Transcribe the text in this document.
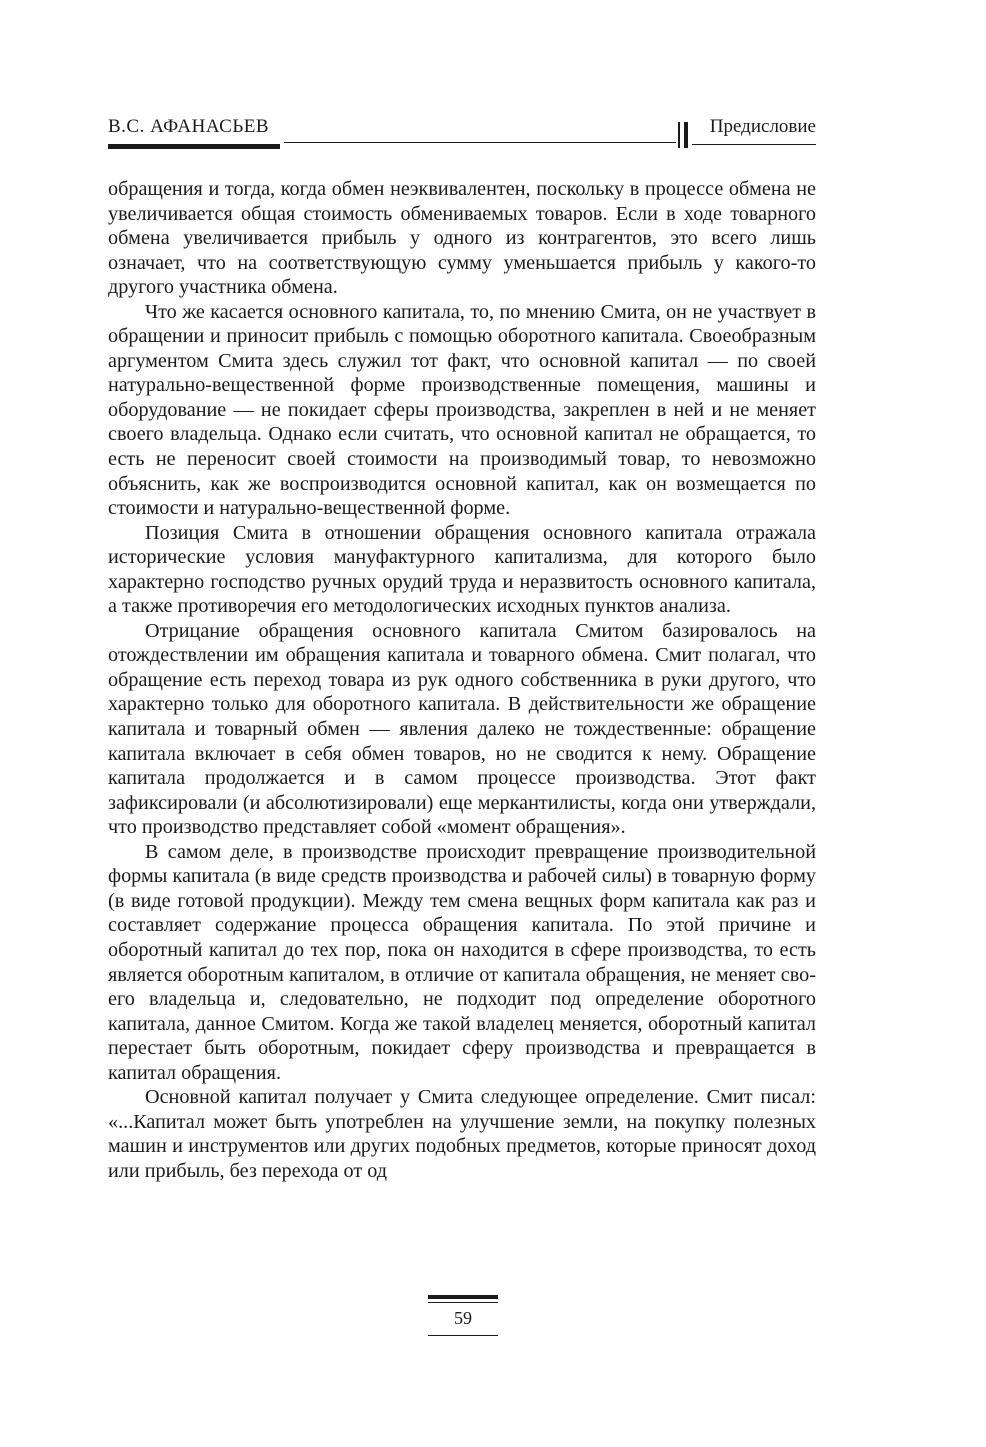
В.С. АФАНАСЬЕВ	Предисловие

обращения и тогда, когда обмен неэквивалентен, поскольку в процессе обмена не увеличивается общая стоимость обмениваемых товаров. Если в ходе товарного обмена увеличивается прибыль у одного из контрагентов, это всего лишь означает, что на соответствующую сумму уменьшается прибыль у какого-то другого участника обмена.

Что же касается основного капитала, то, по мнению Смита, он не участвует в обращении и приносит прибыль с помощью оборотного капитала. Своеобразным аргументом Смита здесь служил тот факт, что основной капитал — по своей натурально-вещественной форме производственные помещения, машины и оборудование — не покидает сферы производства, закреплен в ней и не меняет своего владельца. Однако если считать, что основной капитал не обращается, то есть не переносит своей стоимости на производимый товар, то невозможно объяснить, как же воспроизводится основной капитал, как он возмещается по стоимости и натурально-вещественной форме.

Позиция Смита в отношении обращения основного капитала отражала исторические условия мануфактурного капитализма, для которого было характерно господство ручных орудий труда и неразвитость основного капитала, а также противоречия его методологических исходных пунктов анализа.

Отрицание обращения основного капитала Смитом базировалось на отождествлении им обращения капитала и товарного обмена. Смит полагал, что обращение есть переход товара из рук одного собственника в руки другого, что характерно только для оборотного капитала. В действительности же обращение капитала и товарный обмен — явления далеко не тождественные: обращение капитала включает в себя обмен товаров, но не сводится к нему. Обращение капитала продолжается и в самом процессе производства. Этот факт зафиксировали (и абсолютизировали) еще меркантилисты, когда они утверждали, что производство представляет собой «момент обращения».

В самом деле, в производстве происходит превращение производительной формы капитала (в виде средств производства и рабочей силы) в товарную форму (в виде готовой продукции). Между тем смена вещных форм капитала как раз и составляет содержание процесса обращения капитала. По этой причине и оборотный капитал до тех пор, пока он находится в сфере производства, то есть является оборотным капиталом, в отличие от капитала обращения, не меняет своего владельца и, следовательно, не подходит под определение оборотного капитала, данное Смитом. Когда же такой владелец меняется, оборотный капитал перестает быть оборотным, покидает сферу производства и превращается в капитал обращения.

Основной капитал получает у Смита следующее определение. Смит писал: «...Капитал может быть употреблен на улучшение земли, на покупку полезных машин и инструментов или других подобных предметов, которые приносят доход или прибыль, без перехода от од

59
